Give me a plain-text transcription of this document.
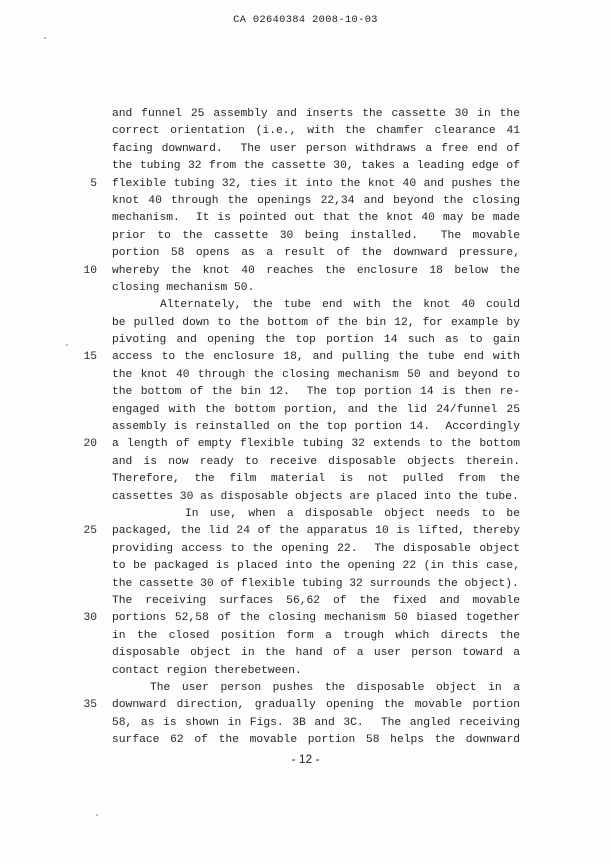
CA 02640384 2008-10-03
and funnel 25 assembly and inserts the cassette 30 in the
correct orientation (i.e., with the chamfer clearance 41
facing downward.  The user person withdraws a free end of
the tubing 32 from the cassette 30, takes a leading edge of
5 flexible tubing 32, ties it into the knot 40 and pushes the
knot 40 through the openings 22,34 and beyond the closing
mechanism.  It is pointed out that the knot 40 may be made
prior to the cassette 30 being installed.  The movable
portion 58 opens as a result of the downward pressure,
10 whereby the knot 40 reaches the enclosure 18 below the
closing mechanism 50.
Alternately, the tube end with the knot 40 could
be pulled down to the bottom of the bin 12, for example by
pivoting and opening the top portion 14 such as to gain
15 access to the enclosure 18, and pulling the tube end with
the knot 40 through the closing mechanism 50 and beyond to
the bottom of the bin 12.  The top portion 14 is then re-
engaged with the bottom portion, and the lid 24/funnel 25
assembly is reinstalled on the top portion 14.  Accordingly
20 a length of empty flexible tubing 32 extends to the bottom
and is now ready to receive disposable objects therein.
Therefore, the film material is not pulled from the
cassettes 30 as disposable objects are placed into the tube.
In use, when a disposable object needs to be
25 packaged, the lid 24 of the apparatus 10 is lifted, thereby
providing access to the opening 22.  The disposable object
to be packaged is placed into the opening 22 (in this case,
the cassette 30 of flexible tubing 32 surrounds the object).
The receiving surfaces 56,62 of the fixed and movable
30 portions 52,58 of the closing mechanism 50 biased together
in the closed position form a trough which directs the
disposable object in the hand of a user person toward a
contact region therebetween.
The user person pushes the disposable object in a
35 downward direction, gradually opening the movable portion
58, as is shown in Figs. 3B and 3C.  The angled receiving
surface 62 of the movable portion 58 helps the downward
- 12 -
